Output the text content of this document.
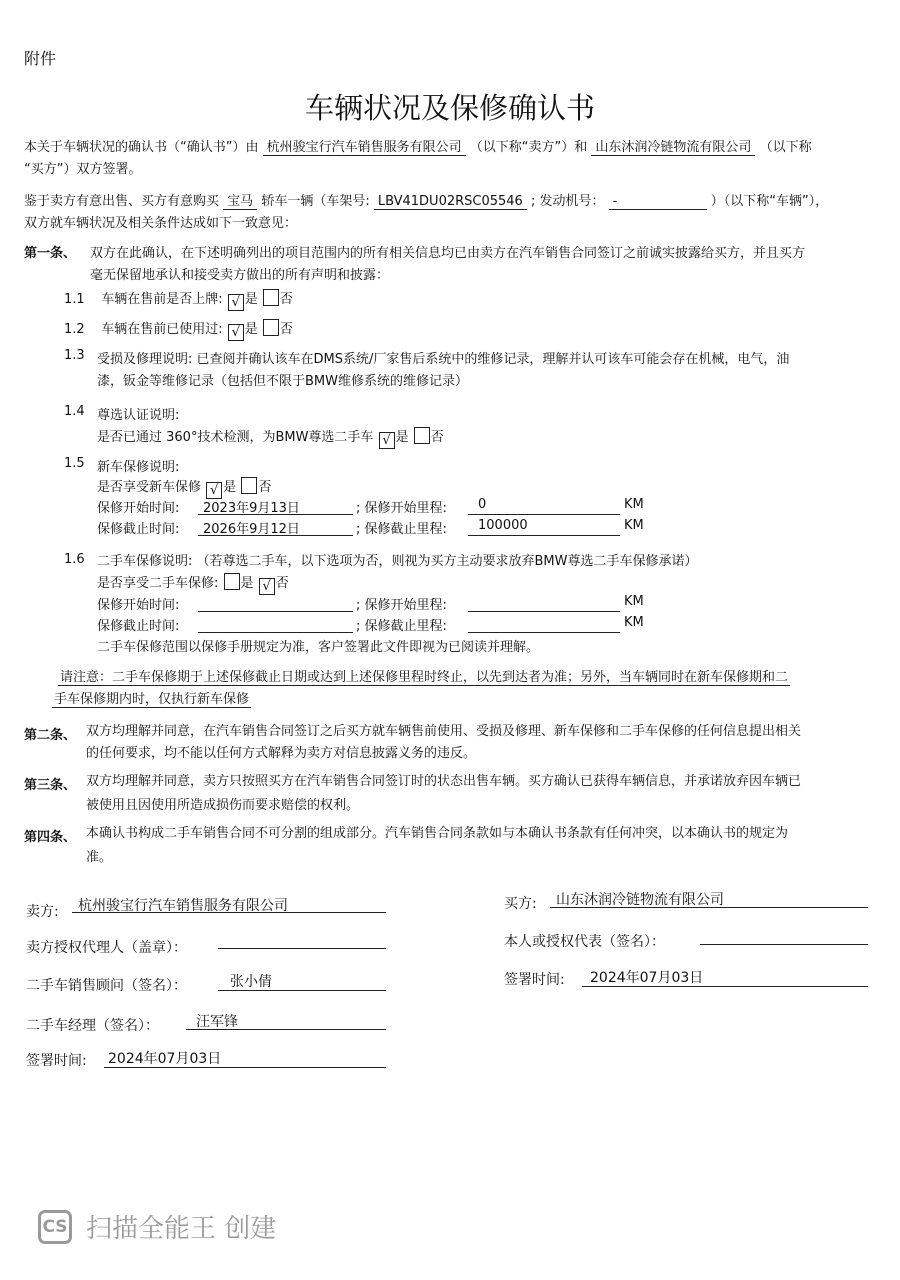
附件
车辆状况及保修确认书
本关于车辆状况的确认书（“确认书”）由 杭州骏宝行汽车销售服务有限公司 （以下称“卖方”）和 山东沐润冷链物流有限公司 （以下称
“买方”）双方签署。
鉴于卖方有意出售、买方有意购买 宝马 轿车一辆（车架号: LBV41DU02RSC05546 ; 发动机号： -	）（以下称“车辆”），
双方就车辆状况及相关条件达成如下一致意见：
第一条、 双方在此确认，在下述明确列出的项目范围内的所有相关信息均已由卖方在汽车销售合同签订之前诚实披露给买方，并且买方
毫无保留地承认和接受卖方做出的所有声明和披露：
1.1 车辆在售前是否上牌: √ 是 否
1.2 车辆在售前已使用过: √ 是 否
1.3 受损及修理说明: 已查阅并确认该车在DMS系统/厂家售后系统中的维修记录，理解并认可该车可能会存在机械，电气，油
漆，钣金等维修记录（包括但不限于BMW维修系统的维修记录）
1.4 尊选认证说明:
是否已通过 360°技术检测，为BMW尊选二手车 √ 是 否
1.5 新车保修说明:
是否享受新车保修 √ 是 否
保修开始时间: 2023年9月13日	; 保修开始里程: 0	KM
保修截止时间: 2026年9月12日	; 保修截止里程: 100000	KM
1.6 二手车保修说明: （若尊选二手车，以下选项为否，则视为买方主动要求放弃BMW尊选二手车保修承诺）
是否享受二手车保修: 是 √ 否
保修开始时间:	; 保修开始里程:	KM
保修截止时间:	; 保修截止里程:	KM
二手车保修范围以保修手册规定为准，客户签署此文件即视为已阅读并理解。
请注意：二手车保修期于上述保修截止日期或达到上述保修里程时终止，以先到达者为准；另外，当车辆同时在新车保修期和二
手车保修期内时，仅执行新车保修
第二条、 双方均理解并同意，在汽车销售合同签订之后买方就车辆售前使用、受损及修理、新车保修和二手车保修的任何信息提出相关
的任何要求，均不能以任何方式解释为卖方对信息披露义务的违反。
第三条、 双方均理解并同意，卖方只按照买方在汽车销售合同签订时的状态出售车辆。买方确认已获得车辆信息，并承诺放弃因车辆已
被使用且因使用所造成损伤而要求赔偿的权利。
第四条、 本确认书构成二手车销售合同不可分割的组成部分。汽车销售合同条款如与本确认书条款有任何冲突，以本确认书的规定为
准。
卖方: 杭州骏宝行汽车销售服务有限公司
卖方授权代理人（盖章）：
二手车销售顾问（签名）：	张小倩
二手车经理（签名）：	汪军锋
签署时间: 2024年07月03日
买方: 山东沐润冷链物流有限公司
本人或授权代表（签名）：
签署时间: 2024年07月03日
CS 扫描全能王 创建
